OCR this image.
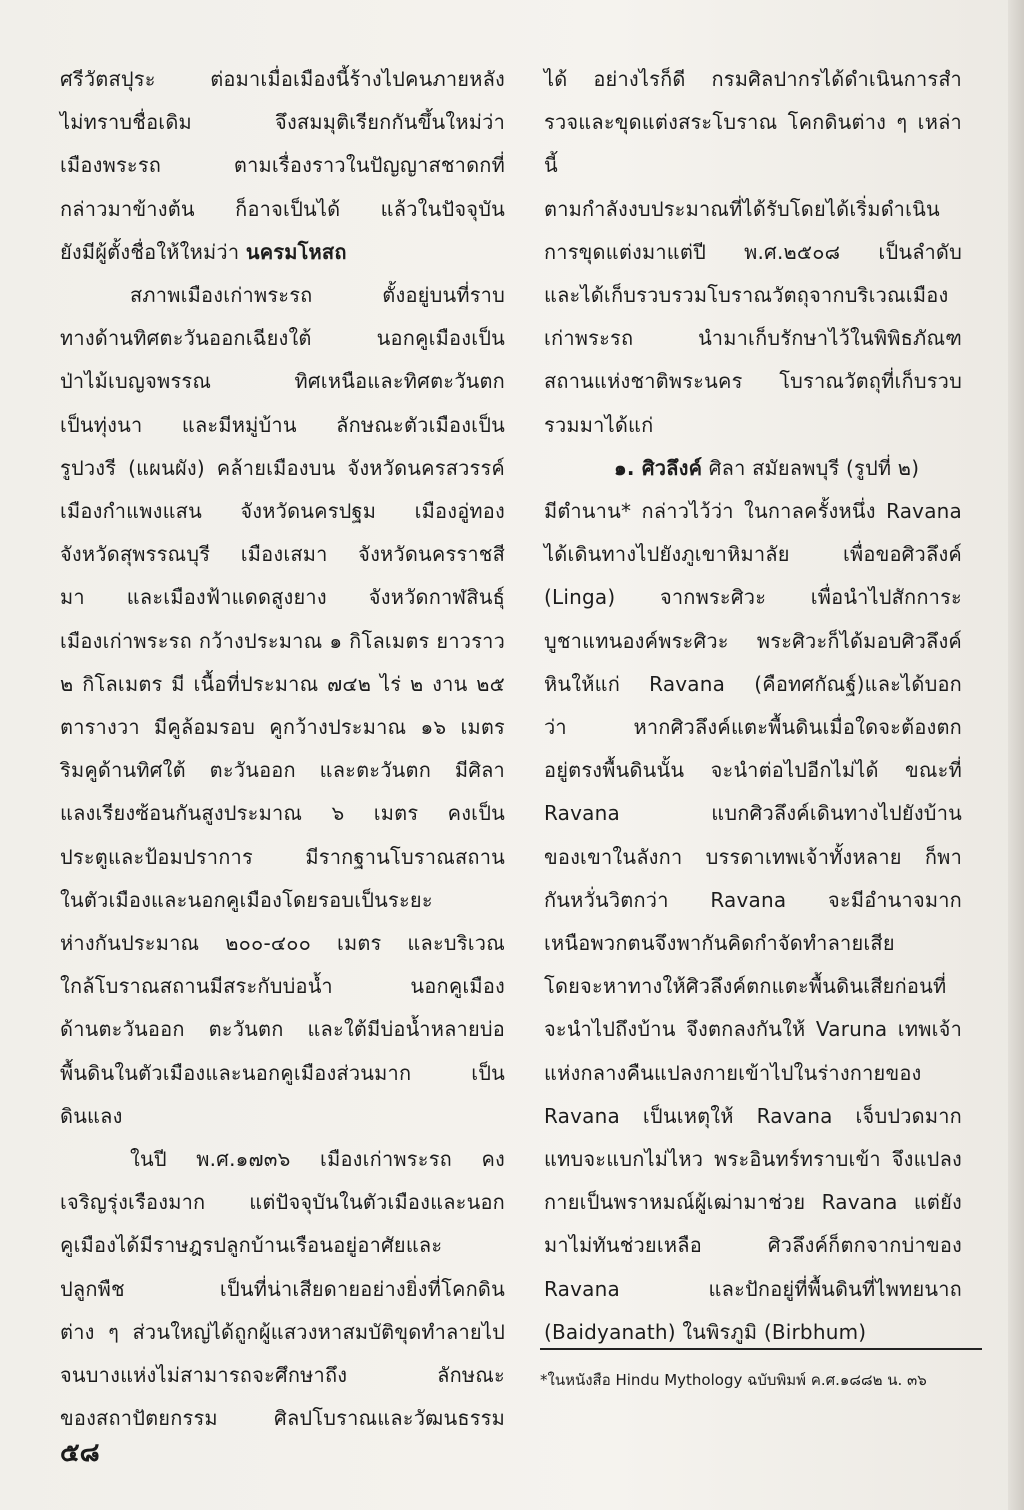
ศรีวัตสปุระ ต่อมาเมื่อเมืองนี้ร้างไปคนภายหลัง

ไม่ทราบชื่อเดิม จึงสมมุติเรียกกันขึ้นใหม่ว่า

เมืองพระรถ ตามเรื่องราวในปัญญาสชาดกที่

กล่าวมาข้างต้น ก็อาจเป็นได้ แล้วในปัจจุบัน

ยังมีผู้ตั้งชื่อให้ใหม่ว่า นครมโหสถ

สภาพเมืองเก่าพระรถ ตั้งอยู่บนที่ราบ

ทางด้านทิศตะวันออกเฉียงใต้ นอกคูเมืองเป็น

ป่าไม้เบญจพรรณ ทิศเหนือและทิศตะวันตก

เป็นทุ่งนา และมีหมู่บ้าน ลักษณะตัวเมืองเป็น

รูปวงรี (แผนผัง) คล้ายเมืองบน จังหวัดนครสวรรค์

เมืองกำแพงแสน จังหวัดนครปฐม เมืองอู่ทอง

จังหวัดสุพรรณบุรี เมืองเสมา จังหวัดนครราชสี

มา และเมืองฟ้าแดดสูงยาง จังหวัดกาฬสินธุ์

เมืองเก่าพระรถ กว้างประมาณ ๑ กิโลเมตร ยาวราว

๒ กิโลเมตร มี เนื้อที่ประมาณ ๗๔๒ ไร่ ๒ งาน ๒๕

ตารางวา มีคูล้อมรอบ คูกว้างประมาณ ๑๖ เมตร

ริมคูด้านทิศใต้ ตะวันออก และตะวันตก มีศิลา

แลงเรียงซ้อนกันสูงประมาณ ๖ เมตร คงเป็น

ประตูและป้อมปราการ มีรากฐานโบราณสถาน

ในตัวเมืองและนอกคูเมืองโดยรอบเป็นระยะ

ห่างกันประมาณ ๒๐๐-๔๐๐ เมตร และบริเวณ

ใกล้โบราณสถานมีสระกับบ่อน้ำ นอกคูเมือง

ด้านตะวันออก ตะวันตก และใต้มีบ่อน้ำหลายบ่อ

พื้นดินในตัวเมืองและนอกคูเมืองส่วนมาก เป็น

ดินแลง

ในปี พ.ศ.๑๗๓๖ เมืองเก่าพระรถ คง

เจริญรุ่งเรืองมาก แต่ปัจจุบันในตัวเมืองและนอก

คูเมืองได้มีราษฎรปลูกบ้านเรือนอยู่อาศัยและ

ปลูกพืช เป็นที่น่าเสียดายอย่างยิ่งที่โคกดิน

ต่าง ๆ ส่วนใหญ่ได้ถูกผู้แสวงหาสมบัติขุดทำลายไป

จนบางแห่งไม่สามารถจะศึกษาถึง ลักษณะ

ของสถาปัตยกรรม ศิลปโบราณและวัฒนธรรม

ได้ อย่างไรก็ดี กรมศิลปากรได้ดำเนินการสำ

รวจและขุดแต่งสระโบราณ โคกดินต่าง ๆ เหล่านี้

ตามกำลังงบประมาณที่ได้รับโดยได้เริ่มดำเนิน

การขุดแต่งมาแต่ปี พ.ศ.๒๕๐๘ เป็นลำดับ

และได้เก็บรวบรวมโบราณวัตถุจากบริเวณเมือง

เก่าพระรถ นำมาเก็บรักษาไว้ในพิพิธภัณฑ

สถานแห่งชาติพระนคร โบราณวัตถุที่เก็บรวบ

รวมมาได้แก่

๑. ศิวลึงค์ ศิลา สมัยลพบุรี (รูปที่ ๒)

มีตำนาน* กล่าวไว้ว่า ในกาลครั้งหนึ่ง Ravana

ได้เดินทางไปยังภูเขาหิมาลัย เพื่อขอศิวลึงค์

(Linga) จากพระศิวะ เพื่อนำไปสักการะ

บูชาแทนองค์พระศิวะ พระศิวะก็ได้มอบศิวลึงค์

หินให้แก่ Ravana (คือทศกัณฐ์)และได้บอก

ว่า หากศิวลึงค์แตะพื้นดินเมื่อใดจะต้องตก

อยู่ตรงพื้นดินนั้น จะนำต่อไปอีกไม่ได้ ขณะที่

Ravana แบกศิวลึงค์เดินทางไปยังบ้าน

ของเขาในลังกา บรรดาเทพเจ้าทั้งหลาย ก็พา

กันหวั่นวิตกว่า Ravana จะมีอำนาจมาก

เหนือพวกตนจึงพากันคิดกำจัดทำลายเสีย

โดยจะหาทางให้ศิวลึงค์ตกแตะพื้นดินเสียก่อนที่

จะนำไปถึงบ้าน จึงตกลงกันให้ Varuna เทพเจ้า

แห่งกลางคืนแปลงกายเข้าไปในร่างกายของ

Ravana เป็นเหตุให้ Ravana เจ็บปวดมาก

แทบจะแบกไม่ไหว พระอินทร์ทราบเข้า จึงแปลง

กายเป็นพราหมณ์ผู้เฒ่ามาช่วย Ravana แต่ยัง

มาไม่ทันช่วยเหลือ ศิวลึงค์ก็ตกจากบ่าของ

Ravana และปักอยู่ที่พื้นดินที่ไพทยนาถ

(Baidyanath) ในพิรภูมิ (Birbhum)

*ในหนังสือ Hindu Mythology ฉบับพิมพ์ ค.ศ.๑๘๘๒ น. ๓๖
๕๘
